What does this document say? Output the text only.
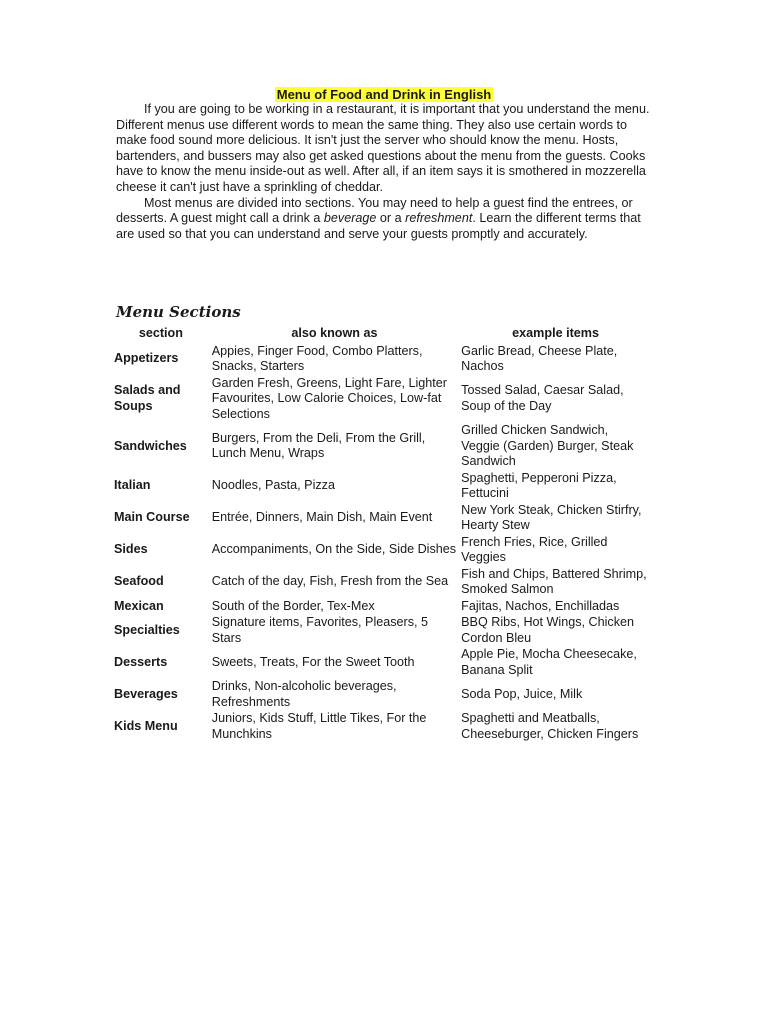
Menu of Food and Drink in English

If you are going to be working in a restaurant, it is important that you understand the menu. Different menus use different words to mean the same thing. They also use certain words to make food sound more delicious. It isn't just the server who should know the menu. Hosts, bartenders, and bussers may also get asked questions about the menu from the guests. Cooks have to know the menu inside-out as well. After all, if an item says it is smothered in mozzerella cheese it can't just have a sprinkling of cheddar.

Most menus are divided into sections. You may need to help a guest find the entrees, or desserts. A guest might call a drink a beverage or a refreshment. Learn the different terms that are used so that you can understand and serve your guests promptly and accurately.

Menu Sections
section	also known as	example items
Appetizers	Appies, Finger Food, Combo Platters, Snacks, Starters	Garlic Bread, Cheese Plate, Nachos
Salads and Soups	Garden Fresh, Greens, Light Fare, Lighter Favourites, Low Calorie Choices, Low-fat Selections	Tossed Salad, Caesar Salad, Soup of the Day
Sandwiches	Burgers, From the Deli, From the Grill, Lunch Menu, Wraps	Grilled Chicken Sandwich, Veggie (Garden) Burger, Steak Sandwich
Italian	Noodles, Pasta, Pizza	Spaghetti, Pepperoni Pizza, Fettucini
Main Course	Entrée, Dinners, Main Dish, Main Event	New York Steak, Chicken Stirfry, Hearty Stew
Sides	Accompaniments, On the Side, Side Dishes	French Fries, Rice, Grilled Veggies
Seafood	Catch of the day, Fish, Fresh from the Sea	Fish and Chips, Battered Shrimp, Smoked Salmon
Mexican	South of the Border, Tex-Mex	Fajitas, Nachos, Enchilladas
Specialties	Signature items, Favorites, Pleasers, 5 Stars	BBQ Ribs, Hot Wings, Chicken Cordon Bleu
Desserts	Sweets, Treats, For the Sweet Tooth	Apple Pie, Mocha Cheesecake, Banana Split
Beverages	Drinks, Non-alcoholic beverages, Refreshments	Soda Pop, Juice, Milk
Kids Menu	Juniors, Kids Stuff, Little Tikes, For the Munchkins	Spaghetti and Meatballs, Cheeseburger, Chicken Fingers
